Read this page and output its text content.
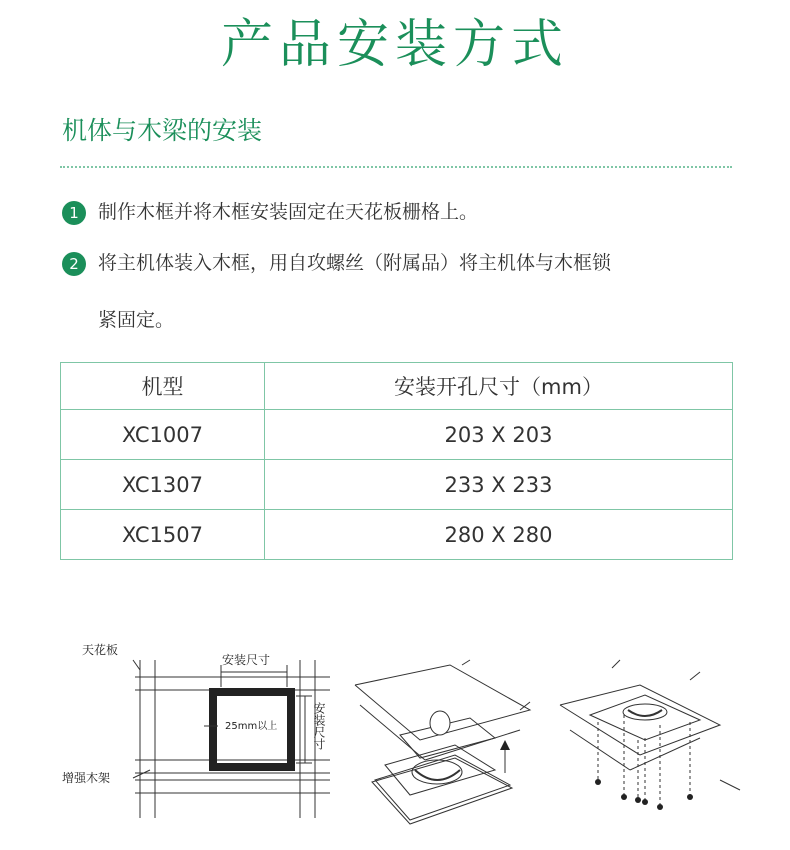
产品安装方式
机体与木梁的安装
1 制作木框并将木框安装固定在天花板栅格上。
2 将主机体装入木框，用自攻螺丝（附属品）将主机体与木框锁
紧固定。
机型	安装开孔尺寸（mm）
XC1007	203 X 203
XC1307	233 X 233
XC1507	280 X 280
天花板
安装尺寸
25mm以上
增强木架
安装尺寸
